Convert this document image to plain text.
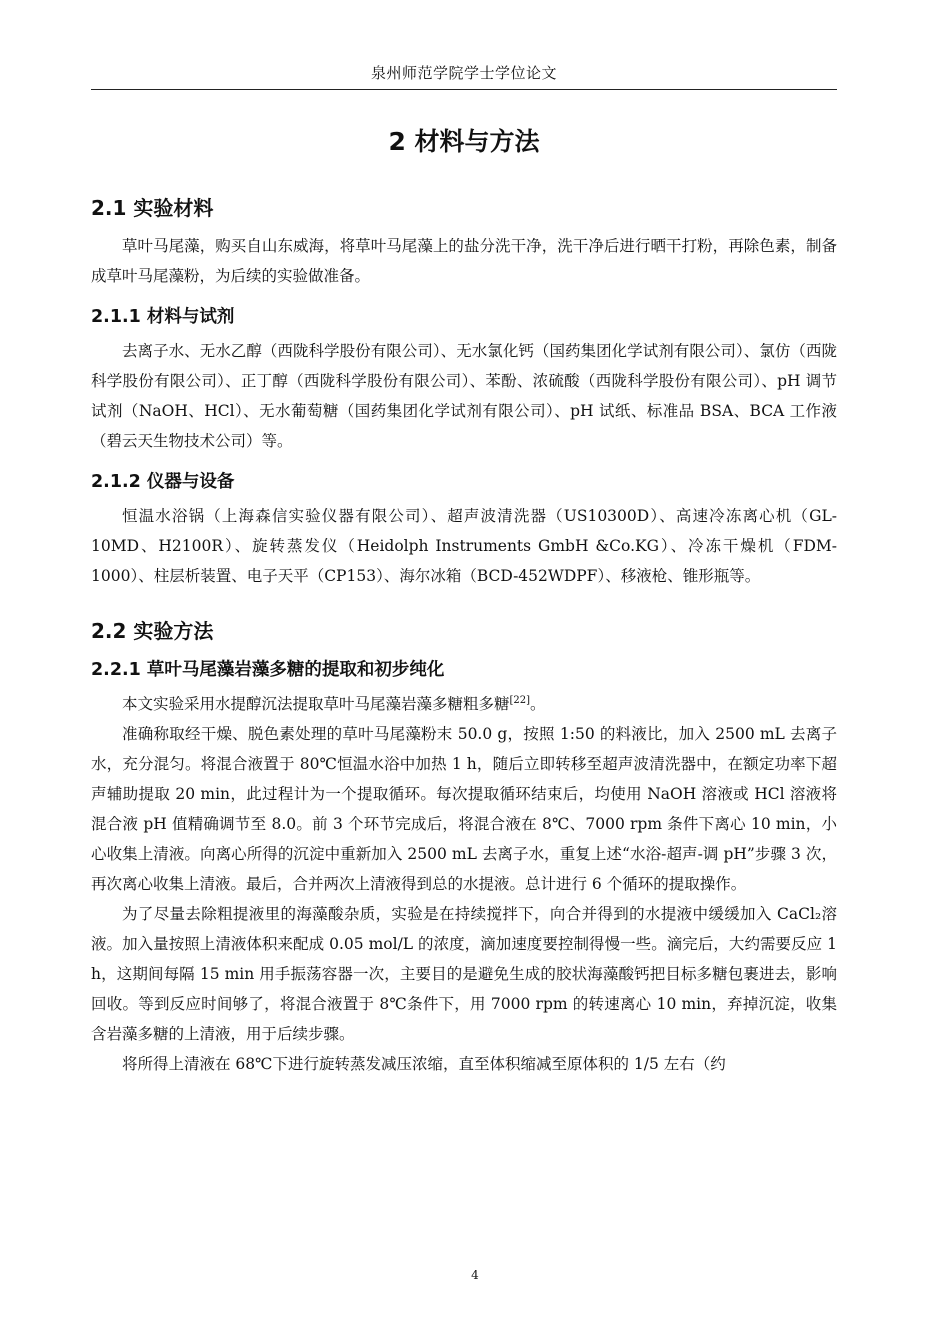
泉州师范学院学士学位论文
2 材料与方法
2.1 实验材料

草叶马尾藻，购买自山东威海，将草叶马尾藻上的盐分洗干净，洗干净后进行晒干打粉，再除色素，制备成草叶马尾藻粉，为后续的实验做准备。

2.1.1 材料与试剂

去离子水、无水乙醇（西陇科学股份有限公司）、无水氯化钙（国药集团化学试剂有限公司）、氯仿（西陇科学股份有限公司）、正丁醇（西陇科学股份有限公司）、苯酚、浓硫酸（西陇科学股份有限公司）、pH 调节试剂（NaOH、HCl）、无水葡萄糖（国药集团化学试剂有限公司）、pH 试纸、标准品 BSA、BCA 工作液（碧云天生物技术公司）等。

2.1.2 仪器与设备

恒温水浴锅（上海森信实验仪器有限公司）、超声波清洗器（US10300D）、高速冷冻离心机（GL-10MD、H2100R）、旋转蒸发仪（Heidolph Instruments GmbH &Co.KG）、冷冻干燥机（FDM-1000）、柱层析装置、电子天平（CP153）、海尔冰箱（BCD-452WDPF）、移液枪、锥形瓶等。

2.2 实验方法
2.2.1 草叶马尾藻岩藻多糖的提取和初步纯化

本文实验采用水提醇沉法提取草叶马尾藻岩藻多糖粗多糖[22]。

准确称取经干燥、脱色素处理的草叶马尾藻粉末 50.0 g，按照 1:50 的料液比，加入 2500 mL 去离子水，充分混匀。将混合液置于 80℃恒温水浴中加热 1 h，随后立即转移至超声波清洗器中，在额定功率下超声辅助提取 20 min，此过程计为一个提取循环。每次提取循环结束后，均使用 NaOH 溶液或 HCl 溶液将混合液 pH 值精确调节至 8.0。前 3 个环节完成后，将混合液在 8℃、7000 rpm 条件下离心 10 min，小心收集上清液。向离心所得的沉淀中重新加入 2500 mL 去离子水，重复上述“水浴-超声-调 pH”步骤 3 次，再次离心收集上清液。最后，合并两次上清液得到总的水提液。总计进行 6 个循环的提取操作。

为了尽量去除粗提液里的海藻酸杂质，实验是在持续搅拌下，向合并得到的水提液中缓缓加入 CaCl₂溶液。加入量按照上清液体积来配成 0.05 mol/L 的浓度，滴加速度要控制得慢一些。滴完后，大约需要反应 1 h，这期间每隔 15 min 用手振荡容器一次，主要目的是避免生成的胶状海藻酸钙把目标多糖包裹进去，影响回收。等到反应时间够了，将混合液置于 8℃条件下，用 7000 rpm 的转速离心 10 min，弃掉沉淀，收集含岩藻多糖的上清液，用于后续步骤。

将所得上清液在 68℃下进行旋转蒸发减压浓缩，直至体积缩减至原体积的 1/5 左右（约

4
